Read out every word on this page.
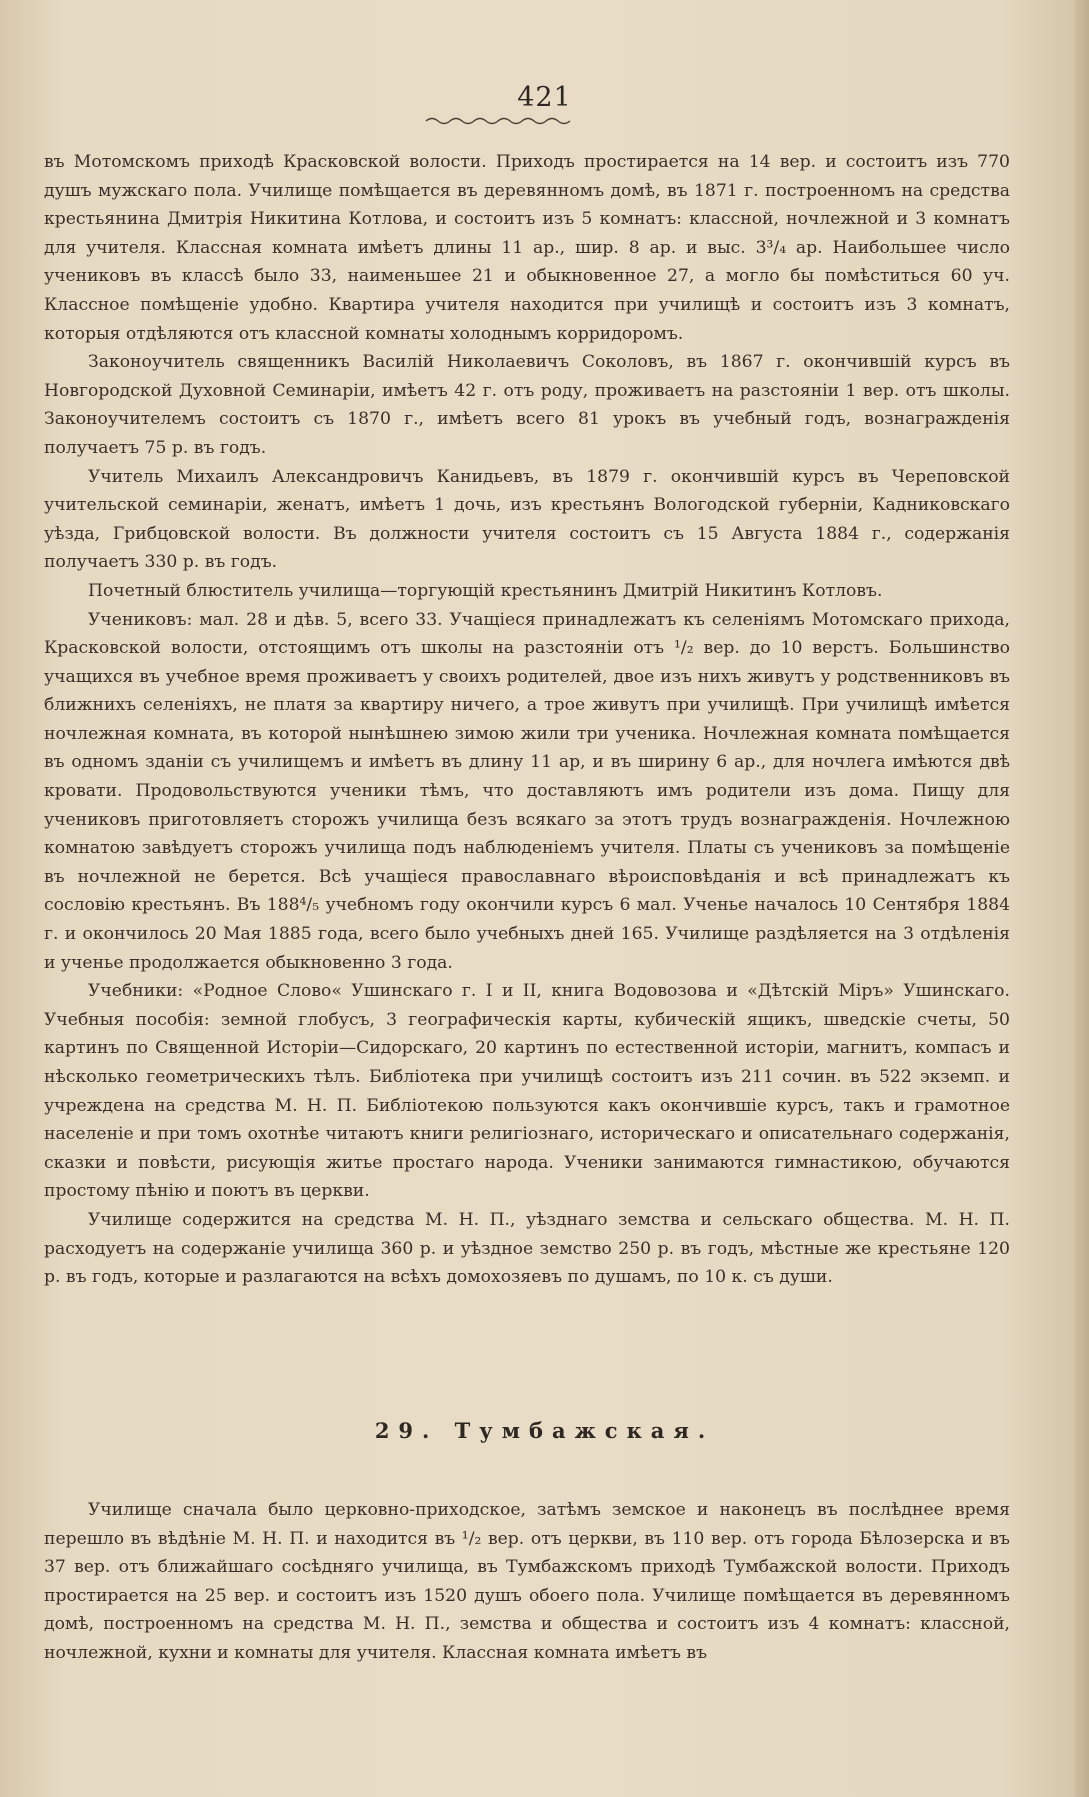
421

въ Мотомскомъ приходѣ Красковской волости. Приходъ простирается на 14 вер. и состоитъ изъ 770 душъ мужскаго пола. Училище помѣщается въ деревянномъ домѣ, въ 1871 г. построенномъ на средства крестьянина Дмитрія Никитина Котлова, и состоитъ изъ 5 комнатъ: классной, ночлежной и 3 комнатъ для учителя. Классная комната имѣетъ длины 11 ар., шир. 8 ар. и выс. 3³/₄ ар. Наибольшее число учениковъ въ классѣ было 33, наименьшее 21 и обыкновенное 27, а могло бы помѣститься 60 уч. Классное помѣщеніе удобно. Квартира учителя находится при училищѣ и состоитъ изъ 3 комнатъ, которыя отдѣляются отъ классной комнаты холоднымъ корридоромъ.

Законоучитель священникъ Василій Николаевичъ Соколовъ, въ 1867 г. окончившій курсъ въ Новгородской Духовной Семинаріи, имѣетъ 42 г. отъ роду, проживаетъ на разстояніи 1 вер. отъ школы. Законоучителемъ состоитъ съ 1870 г., имѣетъ всего 81 урокъ въ учебный годъ, вознагражденія получаетъ 75 р. въ годъ.

Учитель Михаилъ Александровичъ Канидьевъ, въ 1879 г. окончившій курсъ въ Череповской учительской семинаріи, женатъ, имѣетъ 1 дочь, изъ крестьянъ Вологодской губерніи, Кадниковскаго уѣзда, Грибцовской волости. Въ должности учителя состоитъ съ 15 Августа 1884 г., содержанія получаетъ 330 р. въ годъ.

Почетный блюститель училища—торгующій крестьянинъ Дмитрій Никитинъ Котловъ.

Учениковъ: мал. 28 и дѣв. 5, всего 33. Учащіеся принадлежатъ къ селеніямъ Мотомскаго прихода, Красковской волости, отстоящимъ отъ школы на разстояніи отъ ¹/₂ вер. до 10 верстъ. Большинство учащихся въ учебное время проживаетъ у своихъ родителей, двое изъ нихъ живутъ у родственниковъ въ ближнихъ селеніяхъ, не платя за квартиру ничего, а трое живутъ при училищѣ. При училищѣ имѣется ночлежная комната, въ которой нынѣшнею зимою жили три ученика. Ночлежная комната помѣщается въ одномъ зданіи съ училищемъ и имѣетъ въ длину 11 ар, и въ ширину 6 ар., для ночлега имѣются двѣ кровати. Продовольствуются ученики тѣмъ, что доставляютъ имъ родители изъ дома. Пищу для учениковъ приготовляетъ сторожъ училища безъ всякаго за этотъ трудъ вознагражденія. Ночлежною комнатою завѣдуетъ сторожъ училища подъ наблюденіемъ учителя. Платы съ учениковъ за помѣщеніе въ ночлежной не берется. Всѣ учащіеся православнаго вѣроисповѣданія и всѣ принадлежатъ къ сословію крестьянъ. Въ 188⁴/₅ учебномъ году окончили курсъ 6 мал. Ученье началось 10 Сентября 1884 г. и окончилось 20 Мая 1885 года, всего было учебныхъ дней 165. Училище раздѣляется на 3 отдѣленія и ученье продолжается обыкновенно 3 года.

Учебники: «Родное Слово« Ушинскаго г. I и II, книга Водовозова и «Дѣтскій Міръ» Ушинскаго. Учебныя пособія: земной глобусъ, 3 географическія карты, кубическій ящикъ, шведскіе счеты, 50 картинъ по Священной Исторіи—Сидорскаго, 20 картинъ по естественной исторіи, магнитъ, компасъ и нѣсколько геометрическихъ тѣлъ. Библіотека при училищѣ состоитъ изъ 211 сочин. въ 522 экземп. и учреждена на средства М. Н. П. Библіотекою пользуются какъ окончившіе курсъ, такъ и грамотное населеніе и при томъ охотнѣе читаютъ книги религіознаго, историческаго и описательнаго содержанія, сказки и повѣсти, рисующія житье простаго народа. Ученики занимаются гимнастикою, обучаются простому пѣнію и поютъ въ церкви.

Училище содержится на средства М. Н. П., уѣзднаго земства и сельскаго общества. М. Н. П. расходуетъ на содержаніе училища 360 р. и уѣздное земство 250 р. въ годъ, мѣстные же крестьяне 120 р. въ годъ, которые и разлагаются на всѣхъ домохозяевъ по душамъ, по 10 к. съ души.

29. Тумбажская.

Училище сначала было церковно-приходское, затѣмъ земское и наконецъ въ послѣднее время перешло въ вѣдѣніе М. Н. П. и находится въ ¹/₂ вер. отъ церкви, въ 110 вер. отъ города Бѣлозерска и въ 37 вер. отъ ближайшаго сосѣдняго училища, въ Тумбажскомъ приходѣ Тумбажской волости. Приходъ простирается на 25 вер. и состоитъ изъ 1520 душъ обоего пола. Училище помѣщается въ деревянномъ домѣ, построенномъ на средства М. Н. П., земства и общества и состоитъ изъ 4 комнатъ: классной, ночлежной, кухни и комнаты для учителя. Классная комната имѣетъ въ
